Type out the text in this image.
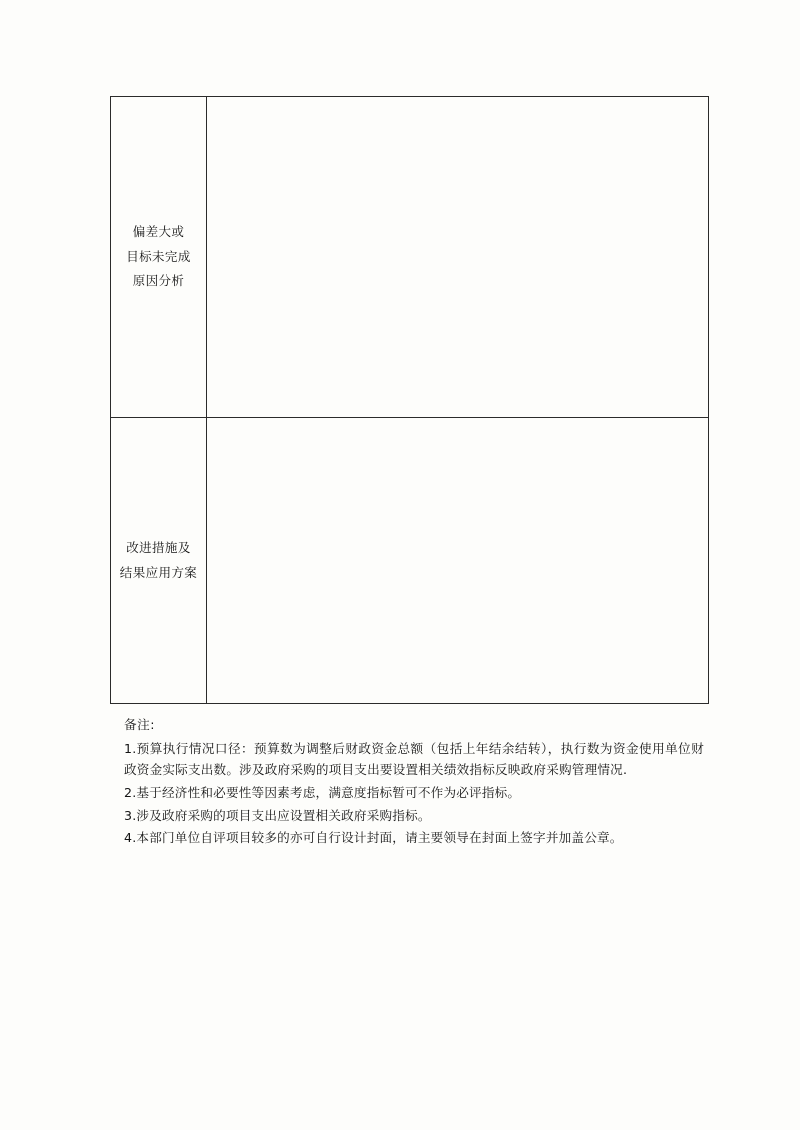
偏差大或
目标未完成
原因分析	

改进措施及
结果应用方案	

备注:
1.预算执行情况口径：预算数为调整后财政资金总额（包括上年结余结转），执行数为资金使用单位财政资金实际支出数。涉及政府采购的项目支出要设置相关绩效指标反映政府采购管理情况.
2.基于经济性和必要性等因素考虑，满意度指标暂可不作为必评指标。
3.涉及政府采购的项目支出应设置相关政府采购指标。
4.本部门单位自评项目较多的亦可自行设计封面，请主要领导在封面上签字并加盖公章。
